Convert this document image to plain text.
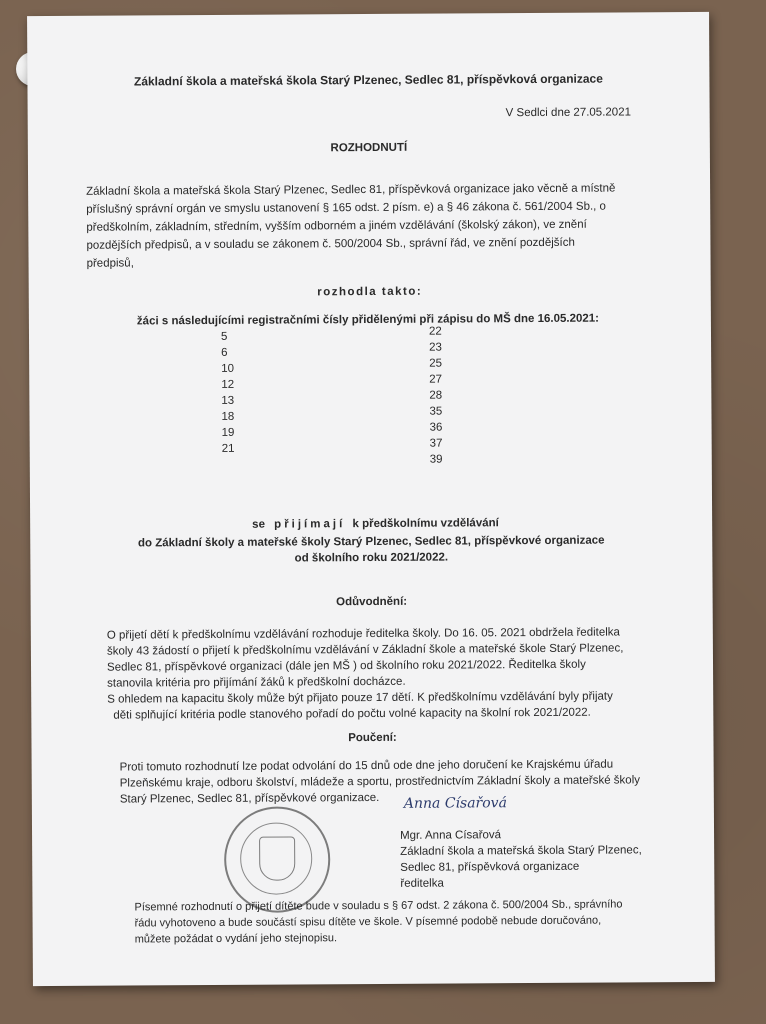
Základní škola a mateřská škola Starý Plzenec, Sedlec 81, příspěvková organizace
V Sedlci dne 27.05.2021
ROZHODNUTÍ
Základní škola a mateřská škola Starý Plzenec, Sedlec 81, příspěvková organizace jako věcně a místně
příslušný správní orgán ve smyslu ustanovení § 165 odst. 2 písm. e) a § 46 zákona č. 561/2004 Sb., o
předškolním, základním, středním, vyšším odborném a jiném vzdělávání (školský zákon), ve znění
pozdějších předpisů, a v souladu se zákonem č. 500/2004 Sb., správní řád, ve znění pozdějších
předpisů,
rozhodla takto:
žáci s následujícími registračními čísly přidělenými při zápisu do MŠ dne 16.05.2021:
5
6
10
12
13
18
19
21
22
23
25
27
28
35
36
37
39
se přijímají k předškolnímu vzdělávání
do Základní školy a mateřské školy Starý Plzenec, Sedlec 81, příspěvkové organizace
od školního roku 2021/2022.
Odůvodnění:
O přijetí dětí k předškolnímu vzdělávání rozhoduje ředitelka školy. Do 16. 05. 2021 obdržela ředitelka
školy 43 žádostí o přijetí k předškolnímu vzdělávání v Základní škole a mateřské škole Starý Plzenec,
Sedlec 81, příspěvkové organizaci (dále jen MŠ ) od školního roku 2021/2022. Ředitelka školy
stanovila kritéria pro přijímání žáků k předškolní docházce.
S ohledem na kapacitu školy může být přijato pouze 17 dětí. K předškolnímu vzdělávání byly přijaty
děti splňující kritéria podle stanového pořadí do počtu volné kapacity na školní rok 2021/2022.
Poučení:
Proti tomuto rozhodnutí lze podat odvolání do 15 dnů ode dne jeho doručení ke Krajskému úřadu
Plzeňskému kraje, odboru školství, mládeže a sportu, prostřednictvím Základní školy a mateřské školy
Starý Plzenec, Sedlec 81, příspěvkové organizace. Anna Císařová
Mgr. Anna Císařová
Základní škola a mateřská škola Starý Plzenec,
Sedlec 81, příspěvková organizace
ředitelka
Písemné rozhodnutí o přijetí dítěte bude v souladu s § 67 odst. 2 zákona č. 500/2004 Sb., správního
řádu vyhotoveno a bude součástí spisu dítěte ve škole. V písemné podobě nebude doručováno,
můžete požádat o vydání jeho stejnopisu.
